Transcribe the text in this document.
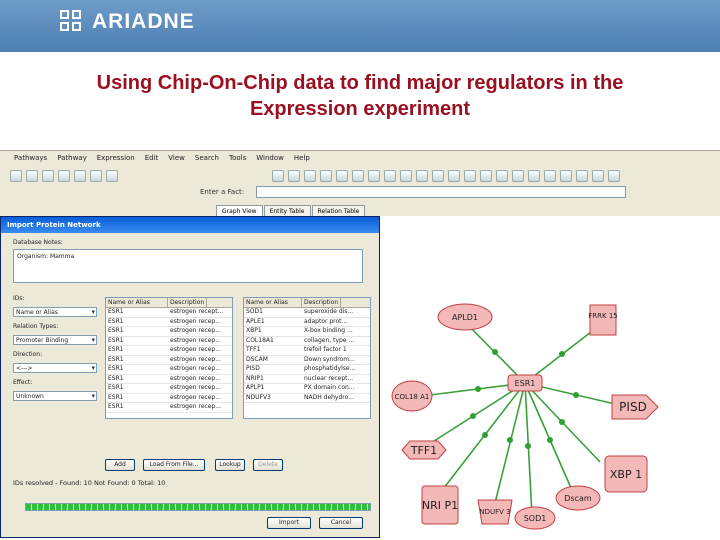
ARIADNE
Using Chip-On-Chip data to find major regulators in the
Expression experiment
Pathways Pathway Expression Edit View Search Tools Window Help
Enter a Fact:
Graph View	Entity Table	Relation Table
Import Protein Network
Database Notes:
Organism: Mamma
IDs:
Name or Alias ▾
Relation Types:
Promoter Binding ▾
Direction:
<---> ▾
Effect:
Unknown ▾
Name or Alias	Description
ESR1	estrogen recept...
ESR1	estrogen recep...
ESR1	estrogen recep...
ESR1	estrogen recep...
ESR1	estrogen recep...
ESR1	estrogen recep...
ESR1	estrogen recep...
ESR1	estrogen recep...
ESR1	estrogen recep...
ESR1	estrogen recep...
ESR1	estrogen recep...
Name or Alias	Description
SOD1	superoxide dis...
APLE1	adaptor prot...
XBP1	X-box binding ...
COL18A1	collagen, type ...
TFF1	trefoil factor 1
DSCAM	Down syndrom...
PISD	phosphatidylse...
NRIP1	nuclear recept...
APLP1	PX domain con...
NDUFV3	NADH dehydro...
Add	Load From File...	Lookup	Delete
IDs resolved - Found: 10 Not Found: 0 Total: 10
Import	Cancel
APLD1	FRRK 15
COL18 A1
ESR1
PISD
TFF1
XBP 1
NRI P1	NDUFV 3
SOD1
Dscam
